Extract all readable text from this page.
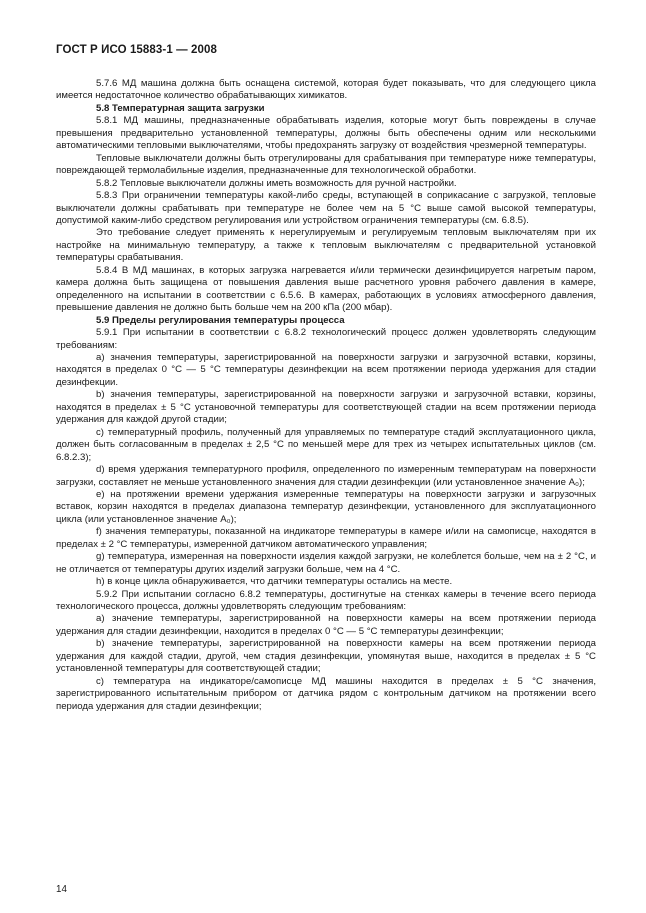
ГОСТ Р ИСО 15883-1 — 2008

5.7.6 МД машина должна быть оснащена системой, которая будет показывать, что для следующего цикла имеется недостаточное количество обрабатывающих химикатов.

5.8 Температурная защита загрузки

5.8.1 МД машины, предназначенные обрабатывать изделия, которые могут быть повреждены в случае превышения предварительно установленной температуры, должны быть обеспечены одним или несколькими автоматическими тепловыми выключателями, чтобы предохранять загрузку от воздействия чрезмерной температуры.

Тепловые выключатели должны быть отрегулированы для срабатывания при температуре ниже температуры, повреждающей термолабильные изделия, предназначенные для технологической обработки.

5.8.2 Тепловые выключатели должны иметь возможность для ручной настройки.

5.8.3 При ограничении температуры какой-либо среды, вступающей в соприкасание с загрузкой, тепловые выключатели должны срабатывать при температуре не более чем на 5 °С выше самой высокой температуры, допустимой каким-либо средством регулирования или устройством ограничения температуры (см. 6.8.5).

Это требование следует применять к нерегулируемым и регулируемым тепловым выключателям при их настройке на минимальную температуру, а также к тепловым выключателям с предварительной установкой температуры срабатывания.

5.8.4 В МД машинах, в которых загрузка нагревается и/или термически дезинфицируется нагретым паром, камера должна быть защищена от повышения давления выше расчетного уровня рабочего давления в камере, определенного на испытании в соответствии с 6.5.6. В камерах, работающих в условиях атмосферного давления, превышение давления не должно быть больше чем на 200 кПа (200 мбар).

5.9 Пределы регулирования температуры процесса

5.9.1 При испытании в соответствии с 6.8.2 технологический процесс должен удовлетворять следующим требованиям:

а) значения температуры, зарегистрированной на поверхности загрузки и загрузочной вставки, корзины, находятся в пределах 0 °С — 5 °С температуры дезинфекции на всем протяжении периода удержания для стадии дезинфекции.

b) значения температуры, зарегистрированной на поверхности загрузки и загрузочной вставки, корзины, находятся в пределах ± 5 °С установочной температуры для соответствующей стадии на всем протяжении периода удержания для каждой другой стадии;

с) температурный профиль, полученный для управляемых по температуре стадий эксплуатационного цикла, должен быть согласованным в пределах ± 2,5 °С по меньшей мере для трех из четырех испытательных циклов (см. 6.8.2.3);

d) время удержания температурного профиля, определенного по измеренным температурам на поверхности загрузки, составляет не меньше установленного значения для стадии дезинфекции (или установленное значение A₀);

е) на протяжении времени удержания измеренные температуры на поверхности загрузки и загрузочных вставок, корзин находятся в пределах диапазона температур дезинфекции, установленного для эксплуатационного цикла (или установленное значение A₀);

f) значения температуры, показанной на индикаторе температуры в камере и/или на самописце, находятся в пределах ± 2 °С температуры, измеренной датчиком автоматического управления;

g) температура, измеренная на поверхности изделия каждой загрузки, не колеблется больше, чем на ± 2 °С, и не отличается от температуры других изделий загрузки больше, чем на 4 °С.

h) в конце цикла обнаруживается, что датчики температуры остались на месте.

5.9.2 При испытании согласно 6.8.2 температуры, достигнутые на стенках камеры в течение всего периода технологического процесса, должны удовлетворять следующим требованиям:

а) значение температуры, зарегистрированной на поверхности камеры на всем протяжении периода удержания для стадии дезинфекции, находится в пределах 0 °С — 5 °С температуры дезинфекции;

b) значение температуры, зарегистрированной на поверхности камеры на всем протяжении периода удержания для каждой стадии, другой, чем стадия дезинфекции, упомянутая выше, находится в пределах ± 5 °С установленной температуры для соответствующей стадии;

с) температура на индикаторе/самописце МД машины находится в пределах ± 5 °С значения, зарегистрированного испытательным прибором от датчика рядом с контрольным датчиком на протяжении всего периода удержания для стадии дезинфекции;

14
